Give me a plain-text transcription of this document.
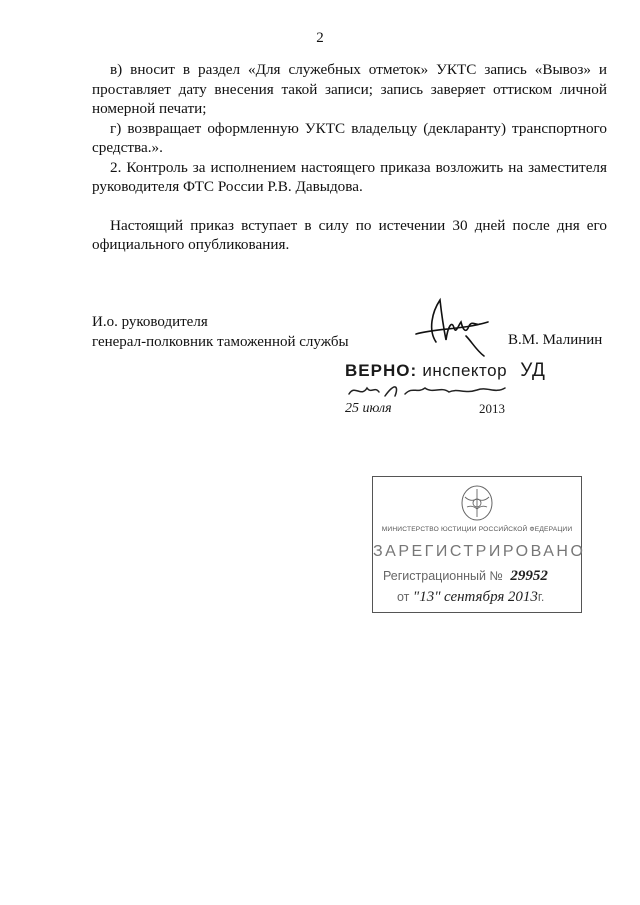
2

в) вносит в раздел «Для служебных отметок» УКТС запись «Вывоз» и проставляет дату внесения такой записи; запись заверяет оттиском личной номерной печати;

г) возвращает оформленную УКТС владельцу (декларанту) транспортного средства.».

2. Контроль за исполнением настоящего приказа возложить на заместителя руководителя ФТС России Р.В. Давыдова.

Настоящий приказ вступает в силу по истечении 30 дней после дня его официального опубликования.

И.о. руководителя
генерал-полковник таможенной службы	В.М. Малинин
ВЕРНО: инспектор УД
25 июля	2013
МИНИСТЕРСТВО ЮСТИЦИИ РОССИЙСКОЙ ФЕДЕРАЦИИ
ЗАРЕГИСТРИРОВАНО
Регистрационный № 29952
от "13" сентября 2013г.
